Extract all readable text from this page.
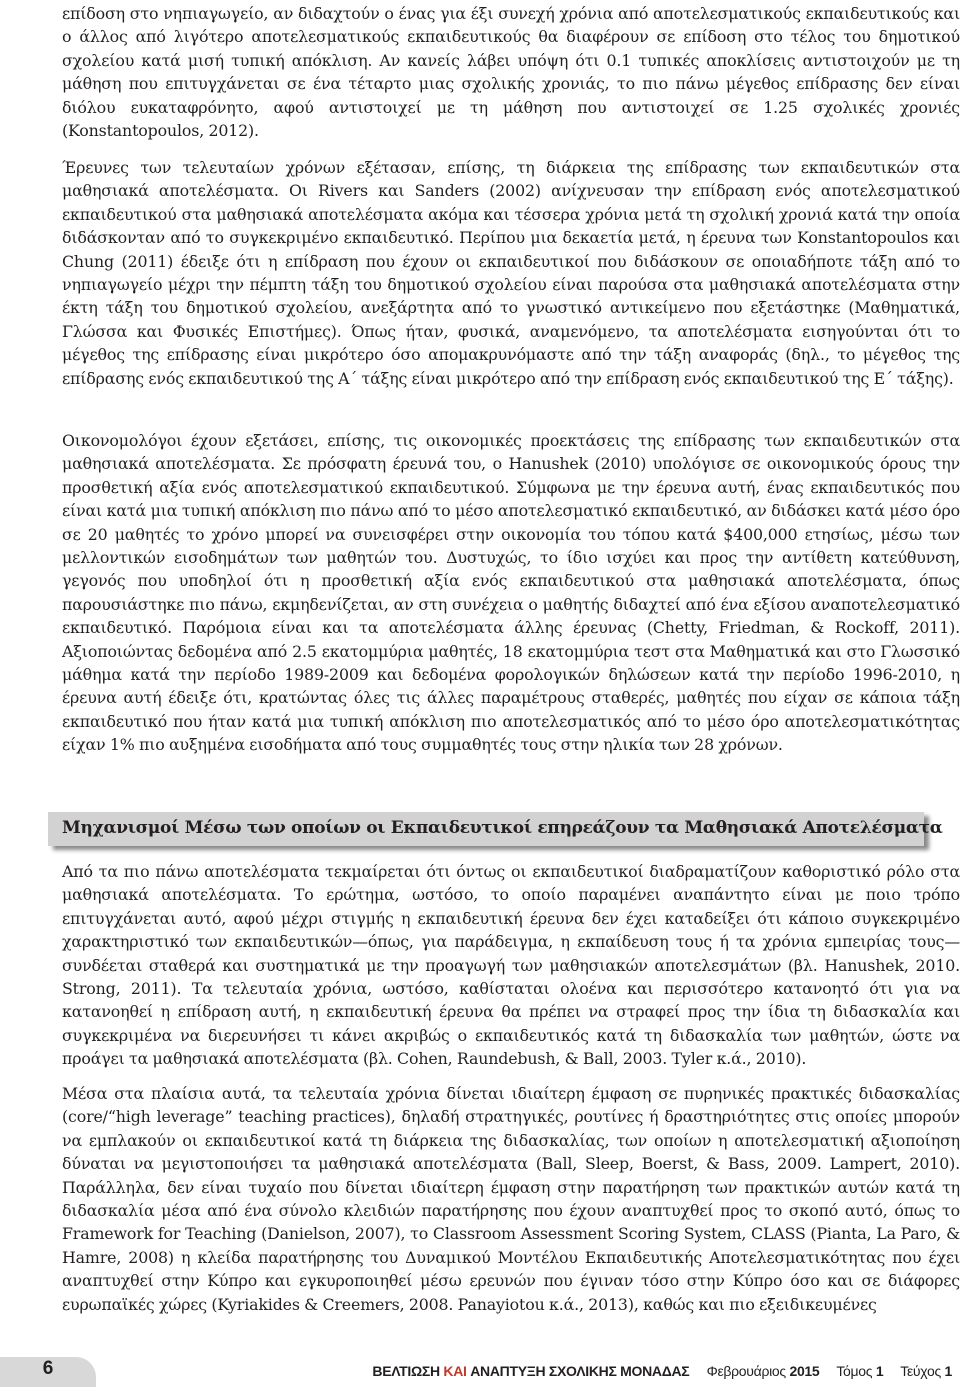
επίδοση στο νηπιαγωγείο, αν διδαχτούν ο ένας για έξι συνεχή χρόνια από αποτελεσματικούς εκπαιδευτικούς και ο άλλος από λιγότερο αποτελεσματικούς εκπαιδευτικούς θα διαφέρουν σε επίδοση στο τέλος του δημοτικού σχολείου κατά μισή τυπική απόκλιση. Αν κανείς λάβει υπόψη ότι 0.1 τυπικές αποκλίσεις αντιστοιχούν με τη μάθηση που επιτυγχάνεται σε ένα τέταρτο μιας σχολικής χρονιάς, το πιο πάνω μέγεθος επίδρασης δεν είναι διόλου ευκαταφρόνητο, αφού αντιστοιχεί με τη μάθηση που αντιστοιχεί σε 1.25 σχολικές χρονιές (Konstantopoulos, 2012).

Έρευνες των τελευταίων χρόνων εξέτασαν, επίσης, τη διάρκεια της επίδρασης των εκπαιδευτικών στα μαθησιακά αποτελέσματα. Οι Rivers και Sanders (2002) ανίχνευσαν την επίδραση ενός αποτελεσματικού εκπαιδευτικού στα μαθησιακά αποτελέσματα ακόμα και τέσσερα χρόνια μετά τη σχολική χρονιά κατά την οποία διδάσκονταν από το συγκεκριμένο εκπαιδευτικό. Περίπου μια δεκαετία μετά, η έρευνα των Konstantopoulos και Chung (2011) έδειξε ότι η επίδραση που έχουν οι εκπαιδευτικοί που διδάσκουν σε οποιαδήποτε τάξη από το νηπιαγωγείο μέχρι την πέμπτη τάξη του δημοτικού σχολείου είναι παρούσα στα μαθησιακά αποτελέσματα στην έκτη τάξη του δημοτικού σχολείου, ανεξάρτητα από το γνωστικό αντικείμενο που εξετάστηκε (Μαθηματικά, Γλώσσα και Φυσικές Επιστήμες). Όπως ήταν, φυσικά, αναμενόμενο, τα αποτελέσματα εισηγούνται ότι το μέγεθος της επίδρασης είναι μικρότερο όσο απομακρυνόμαστε από την τάξη αναφοράς (δηλ., το μέγεθος της επίδρασης ενός εκπαιδευτικού της Α΄ τάξης είναι μικρότερο από την επίδραση ενός εκπαιδευτικού της Ε΄ τάξης).

Οικονομολόγοι έχουν εξετάσει, επίσης, τις οικονομικές προεκτάσεις της επίδρασης των εκπαιδευτικών στα μαθησιακά αποτελέσματα. Σε πρόσφατη έρευνά του, ο Hanushek (2010) υπολόγισε σε οικονομικούς όρους την προσθετική αξία ενός αποτελεσματικού εκπαιδευτικού. Σύμφωνα με την έρευνα αυτή, ένας εκπαιδευτικός που είναι κατά μια τυπική απόκλιση πιο πάνω από το μέσο αποτελεσματικό εκπαιδευτικό, αν διδάσκει κατά μέσο όρο σε 20 μαθητές το χρόνο μπορεί να συνεισφέρει στην οικονομία του τόπου κατά $400,000 ετησίως, μέσω των μελλοντικών εισοδημάτων των μαθητών του. Δυστυχώς, το ίδιο ισχύει και προς την αντίθετη κατεύθυνση, γεγονός που υποδηλοί ότι η προσθετική αξία ενός εκπαιδευτικού στα μαθησιακά αποτελέσματα, όπως παρουσιάστηκε πιο πάνω, εκμηδενίζεται, αν στη συνέχεια ο μαθητής διδαχτεί από ένα εξίσου αναποτελεσματικό εκπαιδευτικό. Παρόμοια είναι και τα αποτελέσματα άλλης έρευνας (Chetty, Friedman, & Rockoff, 2011). Αξιοποιώντας δεδομένα από 2.5 εκατομμύρια μαθητές, 18 εκατομμύρια τεστ στα Μαθηματικά και στο Γλωσσικό μάθημα κατά την περίοδο 1989-2009 και δεδομένα φορολογικών δηλώσεων κατά την περίοδο 1996-2010, η έρευνα αυτή έδειξε ότι, κρατώντας όλες τις άλλες παραμέτρους σταθερές, μαθητές που είχαν σε κάποια τάξη εκπαιδευτικό που ήταν κατά μια τυπική απόκλιση πιο αποτελεσματικός από το μέσο όρο αποτελεσματικότητας είχαν 1% πιο αυξημένα εισοδήματα από τους συμμαθητές τους στην ηλικία των 28 χρόνων.

Μηχανισμοί Μέσω των οποίων οι Εκπαιδευτικοί επηρεάζουν τα Μαθησιακά Αποτελέσματα

Από τα πιο πάνω αποτελέσματα τεκμαίρεται ότι όντως οι εκπαιδευτικοί διαδραματίζουν καθοριστικό ρόλο στα μαθησιακά αποτελέσματα. Το ερώτημα, ωστόσο, το οποίο παραμένει αναπάντητο είναι με ποιο τρόπο επιτυγχάνεται αυτό, αφού μέχρι στιγμής η εκπαιδευτική έρευνα δεν έχει καταδείξει ότι κάποιο συγκεκριμένο χαρακτηριστικό των εκπαιδευτικών—όπως, για παράδειγμα, η εκπαίδευση τους ή τα χρόνια εμπειρίας τους—συνδέεται σταθερά και συστηματικά με την προαγωγή των μαθησιακών αποτελεσμάτων (βλ. Hanushek, 2010. Strong, 2011). Τα τελευταία χρόνια, ωστόσο, καθίσταται ολοένα και περισσότερο κατανοητό ότι για να κατανοηθεί η επίδραση αυτή, η εκπαιδευτική έρευνα θα πρέπει να στραφεί προς την ίδια τη διδασκαλία και συγκεκριμένα να διερευνήσει τι κάνει ακριβώς ο εκπαιδευτικός κατά τη διδασκαλία των μαθητών, ώστε να προάγει τα μαθησιακά αποτελέσματα (βλ. Cohen, Raundebush, & Ball, 2003. Tyler κ.ά., 2010).

Μέσα στα πλαίσια αυτά, τα τελευταία χρόνια δίνεται ιδιαίτερη έμφαση σε πυρηνικές πρακτικές διδασκαλίας (core/“high leverage” teaching practices), δηλαδή στρατηγικές, ρουτίνες ή δραστηριότητες στις οποίες μπορούν να εμπλακούν οι εκπαιδευτικοί κατά τη διάρκεια της διδασκαλίας, των οποίων η αποτελεσματική αξιοποίηση δύναται να μεγιστοποιήσει τα μαθησιακά αποτελέσματα (Ball, Sleep, Boerst, & Bass, 2009. Lampert, 2010). Παράλληλα, δεν είναι τυχαίο που δίνεται ιδιαίτερη έμφαση στην παρατήρηση των πρακτικών αυτών κατά τη διδασκαλία μέσα από ένα σύνολο κλειδιών παρατήρησης που έχουν αναπτυχθεί προς το σκοπό αυτό, όπως το Framework for Teaching (Danielson, 2007), το Classroom Assessment Scoring System, CLASS (Pianta, La Paro, & Hamre, 2008) η κλείδα παρατήρησης του Δυναμικού Μοντέλου Εκπαιδευτικής Αποτελεσματικότητας που έχει αναπτυχθεί στην Κύπρο και εγκυροποιηθεί μέσω ερευνών που έγιναν τόσο στην Κύπρο όσο και σε διάφορες ευρωπαϊκές χώρες (Kyriakides & Creemers, 2008. Panayiotou κ.ά., 2013), καθώς και πιο εξειδικευμένες

6	ΒΕΛΤΙΩΣΗ ΚΑΙ ΑΝΑΠΤΥΞΗ ΣΧΟΛΙΚΗΣ ΜΟΝΑΔΑΣ Φεβρουάριος 2015 Τόμος 1 Τεύχος 1
